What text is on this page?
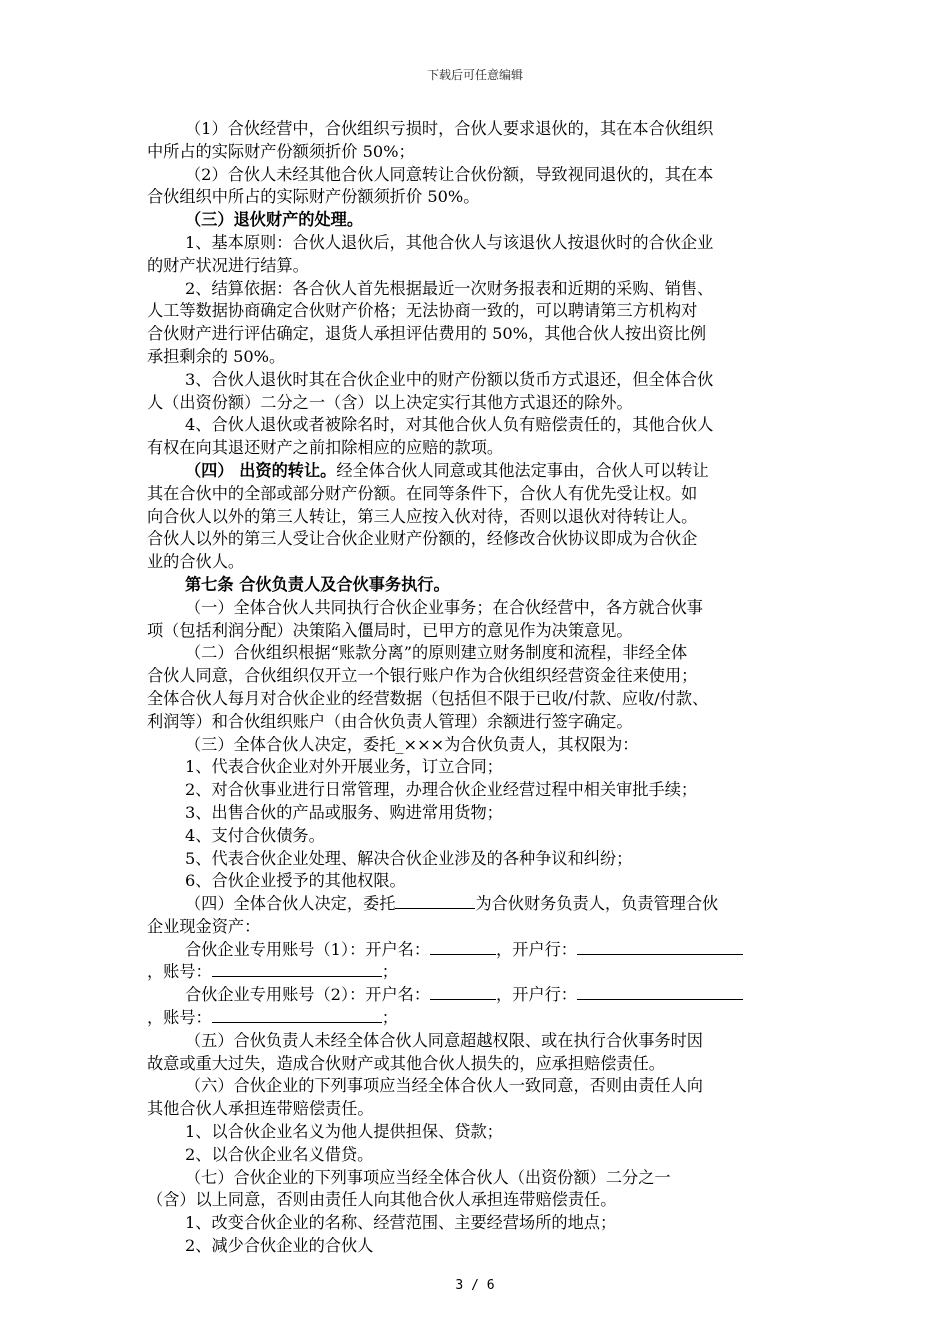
下载后可任意编辑
（1）合伙经营中，合伙组织亏损时，合伙人要求退伙的，其在本合伙组织
中所占的实际财产份额须折价 50%；
（2）合伙人未经其他合伙人同意转让合伙份额，导致视同退伙的，其在本
合伙组织中所占的实际财产份额须折价 50%。
（三）退伙财产的处理。
1、基本原则：合伙人退伙后，其他合伙人与该退伙人按退伙时的合伙企业
的财产状况进行结算。
2、结算依据：各合伙人首先根据最近一次财务报表和近期的采购、销售、
人工等数据协商确定合伙财产价格；无法协商一致的，可以聘请第三方机构对
合伙财产进行评估确定，退货人承担评估费用的 50%，其他合伙人按出资比例
承担剩余的 50%。
3、合伙人退伙时其在合伙企业中的财产份额以货币方式退还，但全体合伙
人（出资份额）二分之一（含）以上决定实行其他方式退还的除外。
4、合伙人退伙或者被除名时，对其他合伙人负有赔偿责任的，其他合伙人
有权在向其退还财产之前扣除相应的应赔的款项。
（四） 出资的转让。经全体合伙人同意或其他法定事由，合伙人可以转让
其在合伙中的全部或部分财产份额。在同等条件下，合伙人有优先受让权。如
向合伙人以外的第三人转让，第三人应按入伙对待，否则以退伙对待转让人。
合伙人以外的第三人受让合伙企业财产份额的，经修改合伙协议即成为合伙企
业的合伙人。
第七条 合伙负责人及合伙事务执行。
（一）全体合伙人共同执行合伙企业事务；在合伙经营中，各方就合伙事
项（包括利润分配）决策陷入僵局时，已甲方的意见作为决策意见。
（二）合伙组织根据“账款分离”的原则建立财务制度和流程，非经全体
合伙人同意，合伙组织仅开立一个银行账户作为合伙组织经营资金往来使用；
全体合伙人每月对合伙企业的经营数据（包括但不限于已收/付款、应收/付款、
利润等）和合伙组织账户（由合伙负责人管理）余额进行签字确定。
（三）全体合伙人决定，委托_×××为合伙负责人，其权限为：
1、代表合伙企业对外开展业务，订立合同；
2、对合伙事业进行日常管理，办理合伙企业经营过程中相关审批手续；
3、出售合伙的产品或服务、购进常用货物；
4、支付合伙债务。
5、代表合伙企业处理、解决合伙企业涉及的各种争议和纠纷；
6、合伙企业授予的其他权限。
（四）全体合伙人决定，委托	为合伙财务负责人，负责管理合伙
企业现金资产：
合伙企业专用账号（1）：开户名：	，开户行：
，账号：	；
合伙企业专用账号（2）：开户名：	，开户行：
，账号：	；
（五）合伙负责人未经全体合伙人同意超越权限、或在执行合伙事务时因
故意或重大过失，造成合伙财产或其他合伙人损失的，应承担赔偿责任。
（六）合伙企业的下列事项应当经全体合伙人一致同意，否则由责任人向
其他合伙人承担连带赔偿责任。
1、以合伙企业名义为他人提供担保、贷款；
2、以合伙企业名义借贷。
（七）合伙企业的下列事项应当经全体合伙人（出资份额）二分之一
（含）以上同意，否则由责任人向其他合伙人承担连带赔偿责任。
1、改变合伙企业的名称、经营范围、主要经营场所的地点；
2、减少合伙企业的合伙人
3 / 6
